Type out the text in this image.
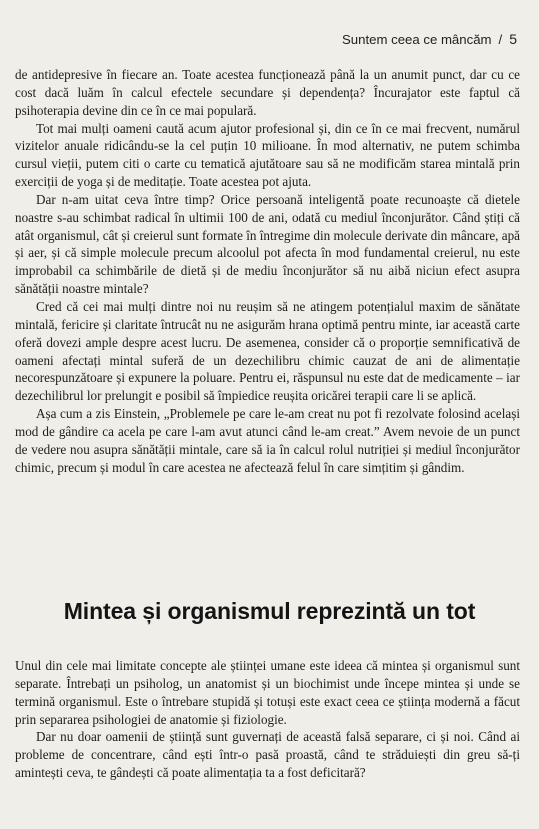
Suntem ceea ce mâncăm / 5

de antidepresive în fiecare an. Toate acestea funcționează până la un anumit punct, dar cu ce cost dacă luăm în calcul efectele secundare și dependența? Încurajator este faptul că psihoterapia devine din ce în ce mai populară.

Tot mai mulți oameni caută acum ajutor profesional și, din ce în ce mai frecvent, numărul vizitelor anuale ridicându-se la cel puțin 10 milioane. În mod alternativ, ne putem schimba cursul vieții, putem citi o carte cu tematică ajutătoare sau să ne modificăm starea mintală prin exerciții de yoga și de meditație. Toate acestea pot ajuta.

Dar n-am uitat ceva între timp? Orice persoană inteligentă poate recunoaște că dietele noastre s-au schimbat radical în ultimii 100 de ani, odată cu mediul înconjurător. Când știți că atât organismul, cât și creierul sunt formate în întregime din molecule derivate din mâncare, apă și aer, și că simple molecule precum alcoolul pot afecta în mod fundamental creierul, nu este improbabil ca schimbările de dietă și de mediu înconjurător să nu aibă niciun efect asupra sănătății noastre mintale?

Cred că cei mai mulți dintre noi nu reușim să ne atingem potențialul maxim de sănătate mintală, fericire și claritate întrucât nu ne asigurăm hrana optimă pentru minte, iar această carte oferă dovezi ample despre acest lucru. De asemenea, consider că o proporție semnificativă de oameni afectați mintal suferă de un dezechilibru chimic cauzat de ani de alimentație necorespunzătoare și expunere la poluare. Pentru ei, răspunsul nu este dat de medicamente – iar dezechilibrul lor prelungit e posibil să împiedice reușita oricărei terapii care li se aplică.

Așa cum a zis Einstein, „Problemele pe care le-am creat nu pot fi rezolvate folosind același mod de gândire ca acela pe care l-am avut atunci când le-am creat.” Avem nevoie de un punct de vedere nou asupra sănătății mintale, care să ia în calcul rolul nutriției și mediul înconjurător chimic, precum și modul în care acestea ne afectează felul în care simțitim și gândim.

Mintea și organismul reprezintă un tot

Unul din cele mai limitate concepte ale științei umane este ideea că mintea și organismul sunt separate. Întrebați un psiholog, un anatomist și un biochimist unde începe mintea și unde se termină organismul. Este o întrebare stupidă și totuși este exact ceea ce știința modernă a făcut prin separarea psihologiei de anatomie și fiziologie.

Dar nu doar oamenii de știință sunt guvernați de această falsă separare, ci și noi. Când ai probleme de concentrare, când ești într-o pasă proastă, când te străduiești din greu să-ți amintești ceva, te gândești că poate alimentația ta a fost deficitară?
